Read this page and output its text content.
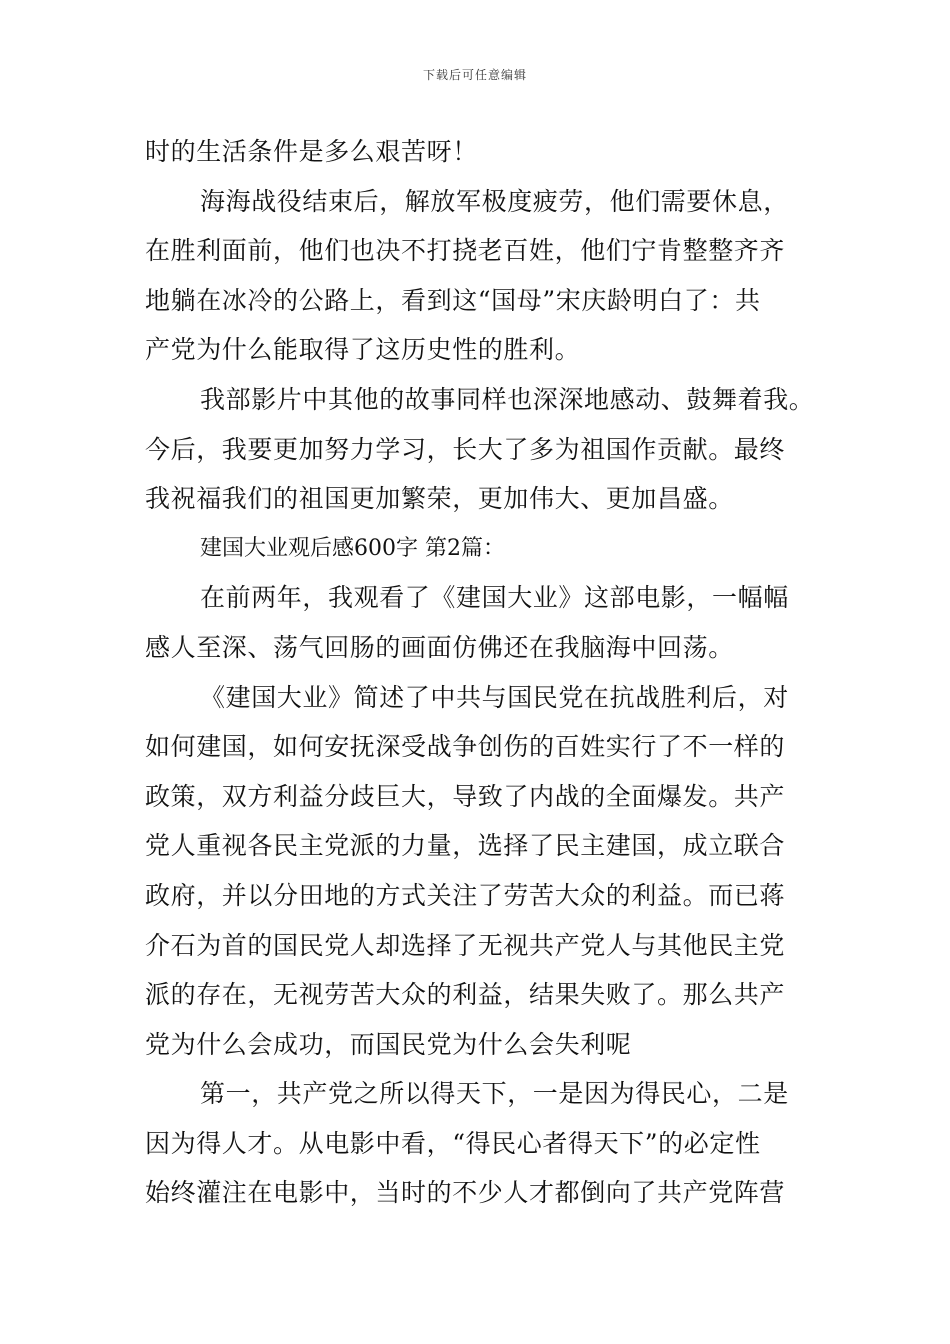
下载后可任意编辑
时的生活条件是多么艰苦呀！
海海战役结束后，解放军极度疲劳，他们需要休息，
在胜利面前，他们也决不打挠老百姓，他们宁肯整整齐齐
地躺在冰冷的公路上，看到这“国母”宋庆龄明白了：共
产党为什么能取得了这历史性的胜利。
我部影片中其他的故事同样也深深地感动、鼓舞着我。
今后，我要更加努力学习，长大了多为祖国作贡献。最终
我祝福我们的祖国更加繁荣，更加伟大、更加昌盛。
建国大业观后感600字 第2篇：
在前两年，我观看了《建国大业》这部电影，一幅幅
感人至深、荡气回肠的画面仿佛还在我脑海中回荡。
《建国大业》简述了中共与国民党在抗战胜利后，对
如何建国，如何安抚深受战争创伤的百姓实行了不一样的
政策，双方利益分歧巨大，导致了内战的全面爆发。共产
党人重视各民主党派的力量，选择了民主建国，成立联合
政府，并以分田地的方式关注了劳苦大众的利益。而已蒋
介石为首的国民党人却选择了无视共产党人与其他民主党
派的存在，无视劳苦大众的利益，结果失败了。那么共产
党为什么会成功，而国民党为什么会失利呢
第一，共产党之所以得天下，一是因为得民心，二是
因为得人才。从电影中看，“得民心者得天下”的必定性
始终灌注在电影中，当时的不少人才都倒向了共产党阵营
